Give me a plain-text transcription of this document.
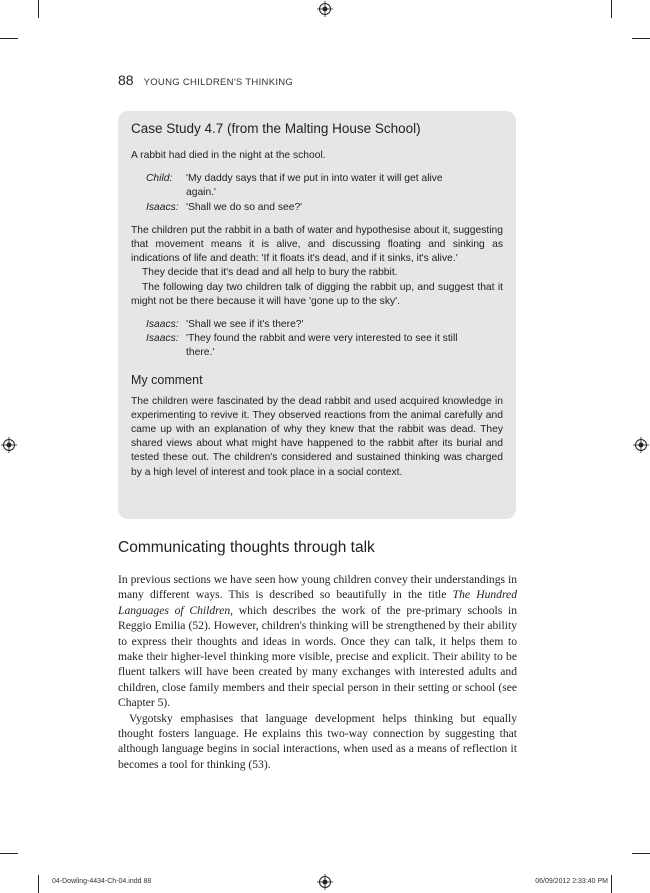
88 YOUNG CHILDREN'S THINKING
Case Study 4.7 (from the Malting House School)

A rabbit had died in the night at the school.

Child:	'My daddy says that if we put in into water it will get alive
again.'
Isaacs: 'Shall we do so and see?'

The children put the rabbit in a bath of water and hypothesise about it, suggesting that movement means it is alive, and discussing floating and sinking as indications of life and death: 'If it floats it's dead, and if it sinks, it's alive.'

They decide that it's dead and all help to bury the rabbit.

The following day two children talk of digging the rabbit up, and suggest that it might not be there because it will have 'gone up to the sky'.

Isaacs: 'Shall we see if it's there?'
Isaacs: 'They found the rabbit and were very interested to see it still
there.'
My comment

The children were fascinated by the dead rabbit and used acquired knowledge in experimenting to revive it. They observed reactions from the animal carefully and came up with an explanation of why they knew that the rabbit was dead. They shared views about what might have happened to the rabbit after its burial and tested these out. The children's considered and sustained thinking was charged by a high level of interest and took place in a social context.

Communicating thoughts through talk

In previous sections we have seen how young children convey their understandings in many different ways. This is described so beautifully in the title The Hundred Languages of Children, which describes the work of the pre-primary schools in Reggio Emilia (52). However, children's thinking will be strengthened by their ability to express their thoughts and ideas in words. Once they can talk, it helps them to make their higher-level thinking more visible, precise and explicit. Their ability to be fluent talkers will have been created by many exchanges with interested adults and children, close family members and their special person in their setting or school (see Chapter 5).

Vygotsky emphasises that language development helps thinking but equally thought fosters language. He explains this two-way connection by suggesting that although language begins in social interactions, when used as a means of reflection it becomes a tool for thinking (53).

04-Dowling-4434-Ch-04.indd 88	06/09/2012 2:33:40 PM
